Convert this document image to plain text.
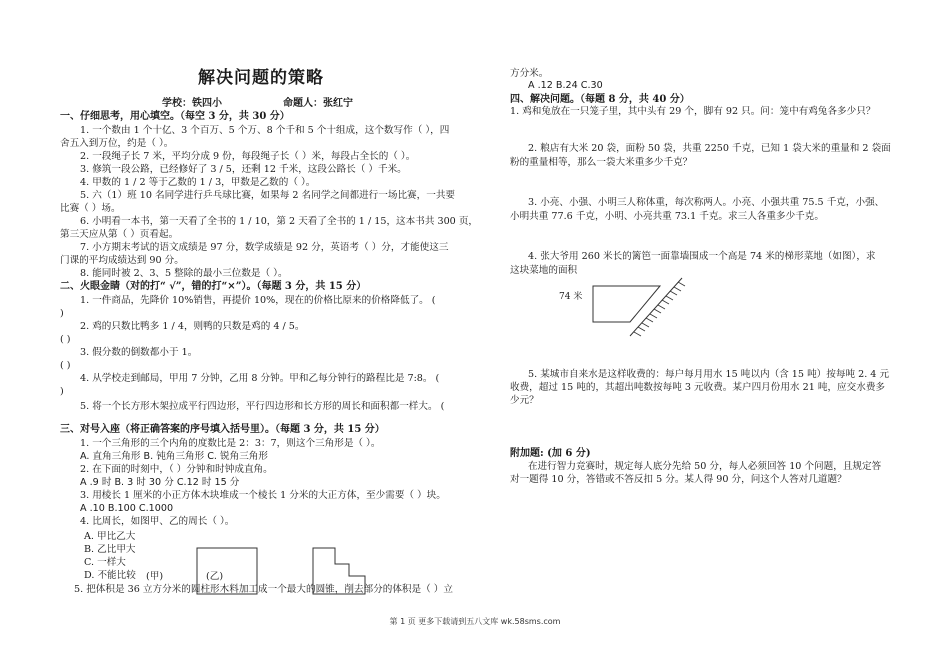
解决问题的策略
学校：铁四小	命题人：张红宁
一、仔细思考，用心填空。（每空 3 分，共 30 分）
1. 一个数由 1 个十亿、3 个百万、5 个万、8 个千和 5 个十组成，这个数写作（ ），四
舍五入到万位，约是（ ）。
2. 一段绳子长 7 米，平均分成 9 份，每段绳子长（ ）米，每段占全长的（ ）。
3. 修筑一段公路，已经修好了 3 / 5，还剩 12 千米，这段公路长（ ）千米。
4. 甲数的 1 / 2 等于乙数的 1 / 3，甲数是乙数的（ ）。
5. 六（1）班 10 名同学进行乒乓球比赛，如果每 2 名同学之间都进行一场比赛，一共要
比赛（ ）场。
6. 小明看一本书，第一天看了全书的 1 / 10，第 2 天看了全书的 1 / 15，这本书共 300 页，
第三天应从第（ ）页看起。
7. 小方期末考试的语文成绩是 97 分，数学成绩是 92 分，英语考（ ）分，才能使这三
门课的平均成绩达到 90 分。
8. 能同时被 2、3、5 整除的最小三位数是（ ）。
二、火眼金睛（对的打“ √”，错的打“×”）。（每题 3 分，共 15 分）
1. 一件商品，先降价 10%销售，再提价 10%，现在的价格比原来的价格降低了。 (
)
2. 鸡的只数比鸭多 1 / 4，则鸭的只数是鸡的 4 / 5。
( )
3. 假分数的倒数都小于 1。
( )
4. 从学校走到邮局，甲用 7 分钟，乙用 8 分钟。甲和乙每分钟行的路程比是 7:8。 (
)
5. 将一个长方形木架拉成平行四边形，平行四边形和长方形的周长和面积都一样大。 (
三、对号入座（将正确答案的序号填入括号里）。（每题 3 分，共 15 分）
1. 一个三角形的三个内角的度数比是 2：3：7，则这个三角形是（ ）。
A. 直角三角形 B. 钝角三角形 C. 锐角三角形
2. 在下面的时刻中，（ ）分钟和时钟成直角。
A .9 时 B. 3 时 30 分 C.12 时 15 分
3. 用棱长 1 厘米的小正方体木块堆成一个棱长 1 分米的大正方体，至少需要（ ）块。
A .10 B.100 C.1000
4. 比周长，如图甲、乙的周长（ ）。
A. 甲比乙大
B. 乙比甲大
C. 一样大
D. 不能比较 (甲)	(乙)
5. 把体积是 36 立方分米的圆柱形木料加工成一个最大的圆锥，削去部分的体积是（ ）立
方分米。
A .12 B.24 C.30
四、解决问题。（每题 8 分，共 40 分）
1. 鸡和兔放在一只笼子里，其中头有 29 个，脚有 92 只。问：笼中有鸡兔各多少只？
2. 粮店有大米 20 袋，面粉 50 袋，共重 2250 千克，已知 1 袋大米的重量和 2 袋面
粉的重量相等，那么一袋大米重多少千克？
3. 小亮、小强、小明三人称体重，每次称两人。小亮、小强共重 75.5 千克，小强、
小明共重 77.6 千克，小明、小亮共重 73.1 千克。求三人各重多少千克。
4. 张大爷用 260 米长的篱笆一面靠墙围成一个高是 74 米的梯形菜地（如图），求
这块菜地的面积
74 米
5. 某城市自来水是这样收费的：每户每月用水 15 吨以内（含 15 吨）按每吨 2. 4 元
收费，超过 15 吨的，其超出吨数按每吨 3 元收费。某户四月份用水 21 吨，应交水费多
少元？
附加题: (加 6 分)
在进行智力竞赛时，规定每人底分先给 50 分，每人必须回答 10 个问题，且规定答
对一题得 10 分，答错或不答反扣 5 分。某人得 90 分，问这个人答对几道题？
第 1 页 更多下载请到五八文库 wk.58sms.com
